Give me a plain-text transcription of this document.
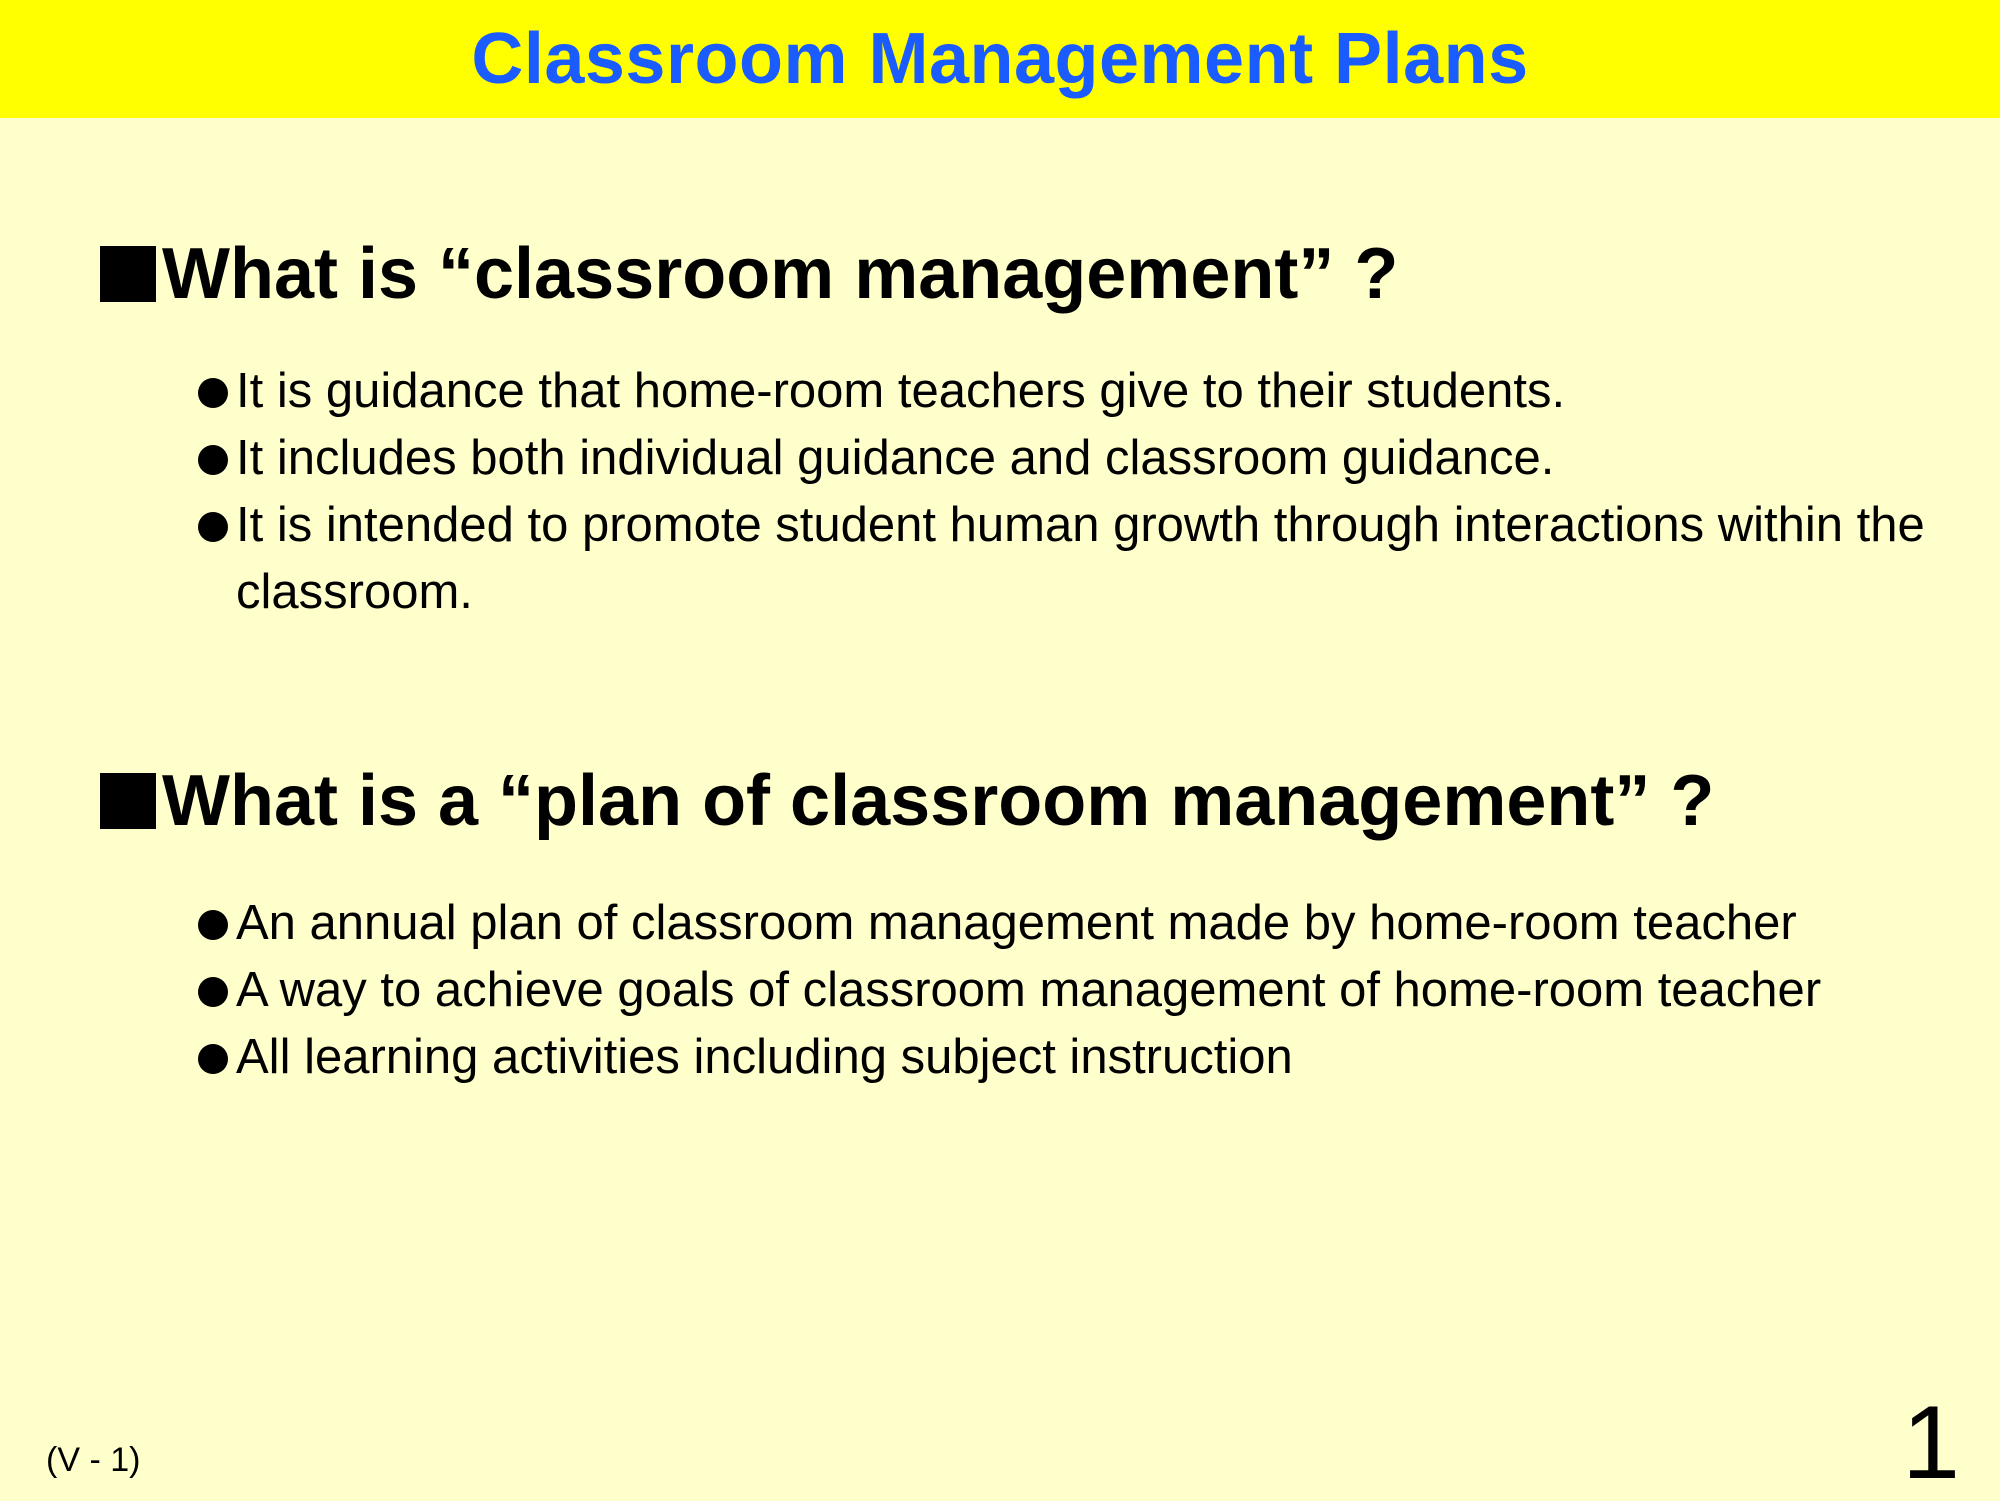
Classroom Management Plans
What is “classroom management” ?
It is guidance that home-room teachers give to their students.
It includes both individual guidance and classroom guidance.
It is intended to promote student human growth through interactions within the classroom.
What is a “plan of classroom management” ?
An annual plan of classroom management made by home-room teacher
A way to achieve goals of classroom management of home-room teacher
All learning activities including subject instruction
(V - 1)	1
